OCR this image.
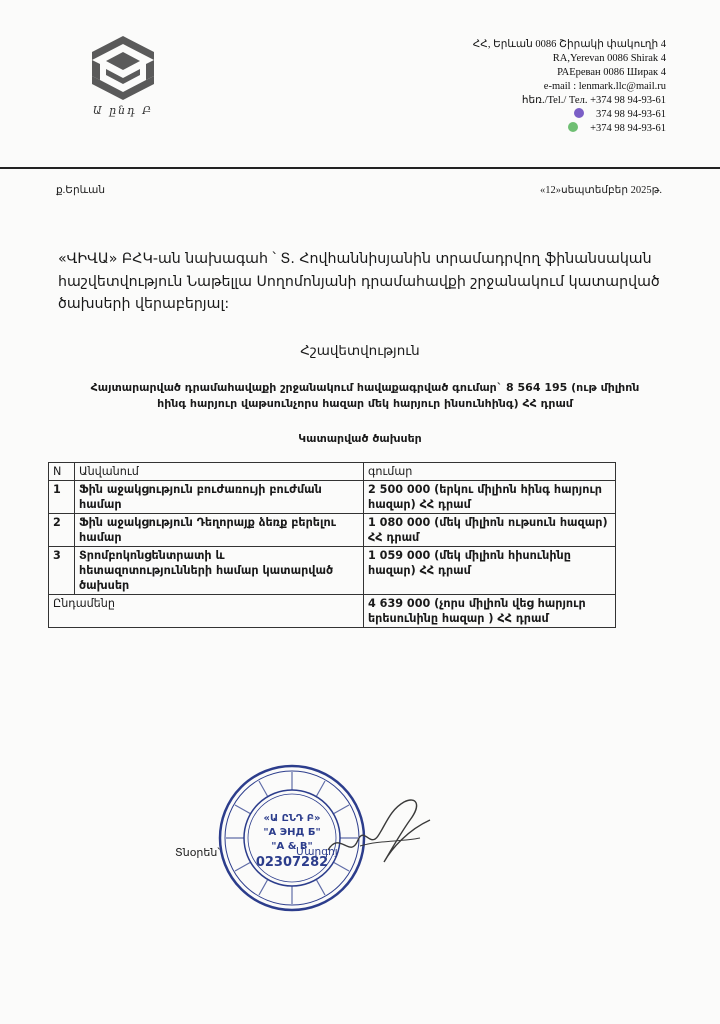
Ա ընդ Բ
ՀՀ, Երևան 0086 Շիրակի փակուղի 4
RA,Yerevan 0086 Shirak 4
РАЕреван 0086 Ширак 4
e-mail : lenmark.llc@mail.ru
հեռ./Tel./ Тел. +374 98 94-93-61
374 98 94-93-61
+374 98 94-93-61
ք.Երևան	«12»սեպտեմբեր 2025թ.
«ՎԻՎԱ» ԲՀԿ-ան նախագահ ՝ Տ. Հովհաննիսյանին տրամադրվող ֆինանսական հաշվետվություն Նաթելլա Սողոմոնյանի դրամահավքի շրջանակում կատարված ծախսերի վերաբերյալ:
Հշավետվություն
Հայտարարված դրամահավաքի շրջանակում հավաքագրված գումար` 8 564 195 (ութ միլիոն հինգ հարյուր վաթսունչորս հազար մեկ հարյուր ինսունհինգ) ՀՀ դրամ
Կատարված ծախսեր
N	Անվանում	գումար
1	Ֆին աջակցություն բուժառույի բուժման համար	2 500 000 (երկու միլիոն հինգ հարյուր հազար) ՀՀ դրամ
2	Ֆին աջակցություն Դեղորայք ձեռք բերելու համար	1 080 000 (մեկ միլիոն ութսուն հազար) ՀՀ դրամ
3	Տրոմբոկոնցենտրատի և հետազոտությունների համար կատարված ծախսեր	1 059 000 (մեկ միլիոն հիսունինը հազար) ՀՀ դրամ
Ընդամենը		4 639 000 (չորս միլիոն վեց հարյուր երեսունինը հազար ) ՀՀ դրամ
Տնօրեն՝
«Ա ԸՆԴ Բ»
"А ЭНД Б"
"A & B"
02307282
Մարգոյ
